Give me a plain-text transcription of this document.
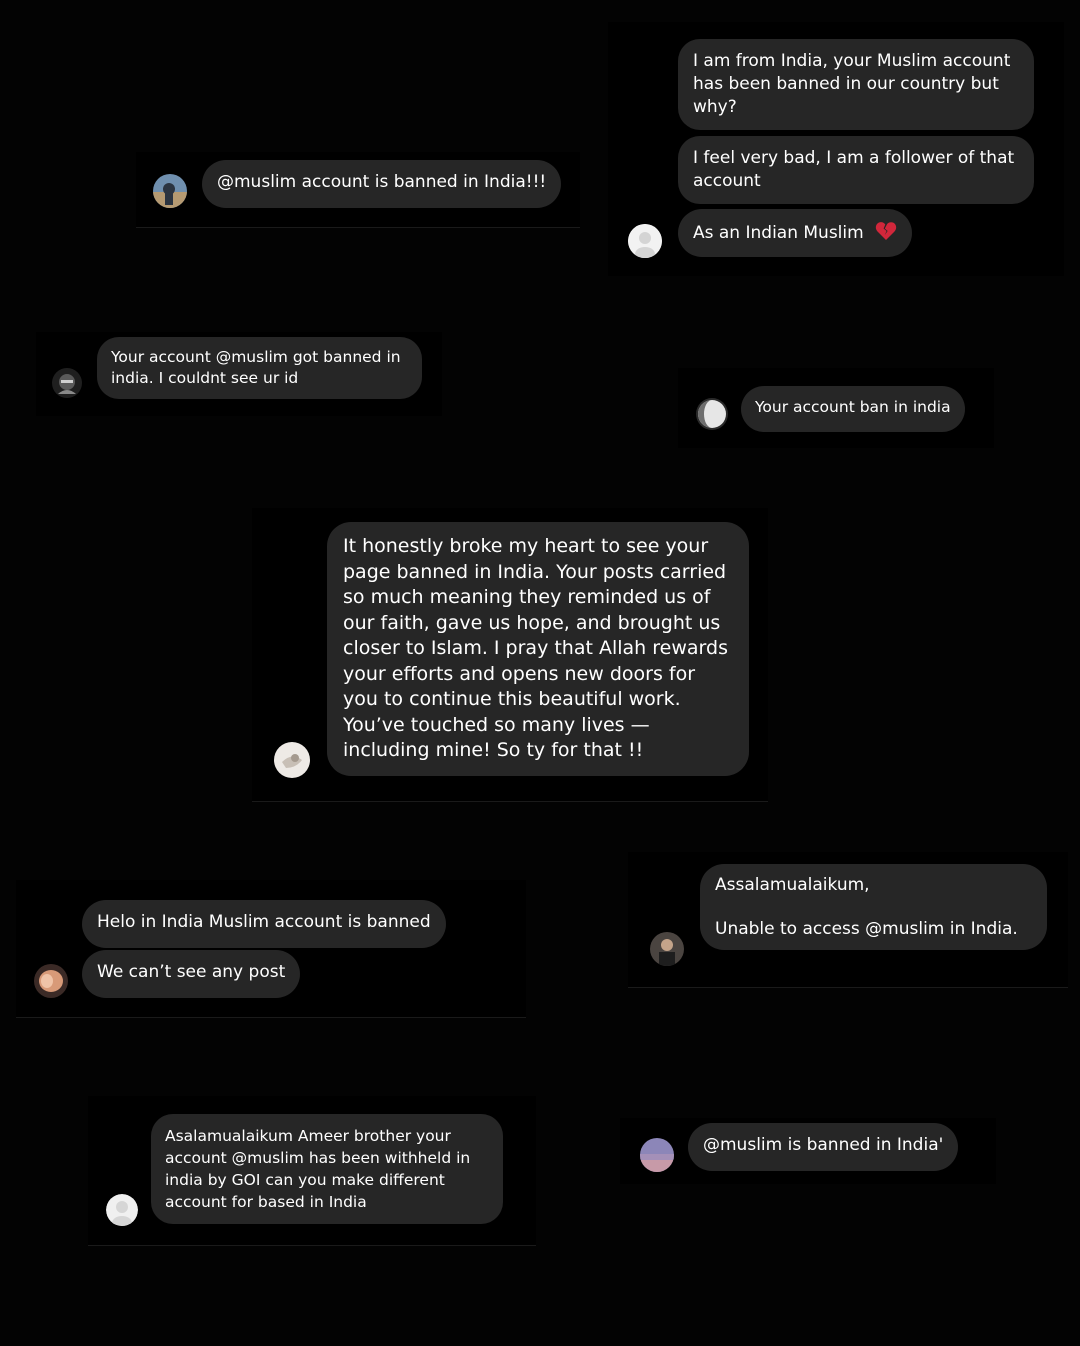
@muslim account is banned in India!!!
I am from India, your Muslim account has been banned in our country but why?
I feel very bad, I am a follower of that account
As an Indian Muslim
Your account @muslim got banned in india. I couldnt see ur id
Your account ban in india
It honestly broke my heart to see your page banned in India. Your posts carried so much meaning they reminded us of our faith, gave us hope, and brought us closer to Islam. I pray that Allah rewards your efforts and opens new doors for you to continue this beautiful work. You’ve touched so many lives — including mine! So ty for that !!
Helo in India Muslim account is banned
We can’t see any post
Assalamualaikum,

Unable to access @muslim in India.
Asalamualaikum Ameer brother your account @muslim has been withheld in india by GOI can you make different account for based in India
@muslim is banned in India'
